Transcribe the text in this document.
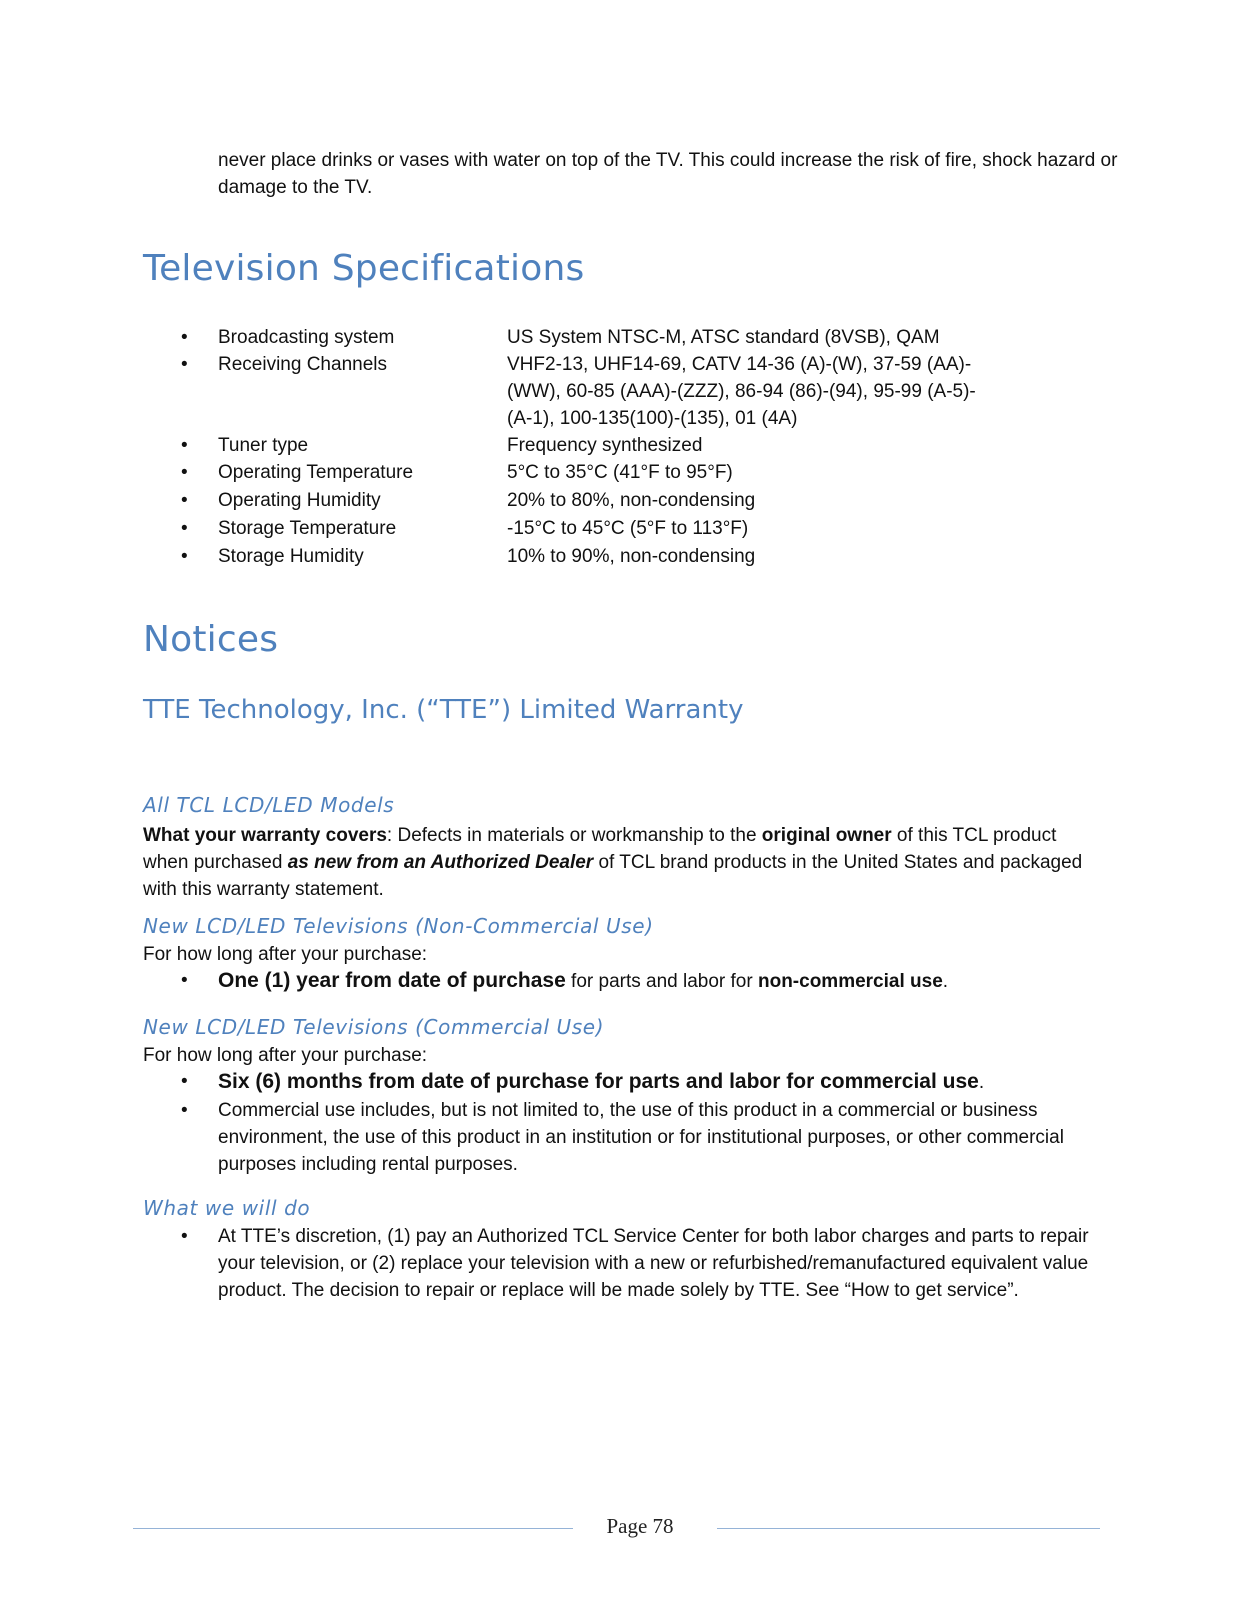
never place drinks or vases with water on top of the TV. This could increase the risk of fire, shock hazard or damage to the TV.

Television Specifications
•	Broadcasting system	US System NTSC-M, ATSC standard (8VSB), QAM
•	Receiving Channels	VHF2-13, UHF14-69, CATV 14-36 (A)-(W), 37-59 (AA)- (WW), 60-85 (AAA)-(ZZZ), 86-94 (86)-(94), 95-99 (A-5)-(A-1), 100-135(100)-(135), 01 (4A)
•	Tuner type	Frequency synthesized
•	Operating Temperature	5°C to 35°C (41°F to 95°F)
•	Operating Humidity	20% to 80%, non-condensing
•	Storage Temperature	-15°C to 45°C (5°F to 113°F)
•	Storage Humidity	10% to 90%, non-condensing
Notices
TTE Technology, Inc. (“TTE”) Limited Warranty
All TCL LCD/LED Models

What your warranty covers: Defects in materials or workmanship to the original owner of this TCL product when purchased as new from an Authorized Dealer of TCL brand products in the United States and packaged with this warranty statement.

New LCD/LED Televisions (Non-Commercial Use)

For how long after your purchase:

• One (1) year from date of purchase for parts and labor for non-commercial use.
New LCD/LED Televisions (Commercial Use)

For how long after your purchase:

• Six (6) months from date of purchase for parts and labor for commercial use.
• Commercial use includes, but is not limited to, the use of this product in a commercial or business environment, the use of this product in an institution or for institutional purposes, or other commercial purposes including rental purposes.
What we will do
• At TTE’s discretion, (1) pay an Authorized TCL Service Center for both labor charges and parts to repair your television, or (2) replace your television with a new or refurbished/remanufactured equivalent value product. The decision to repair or replace will be made solely by TTE. See “How to get service”.
Page 78
